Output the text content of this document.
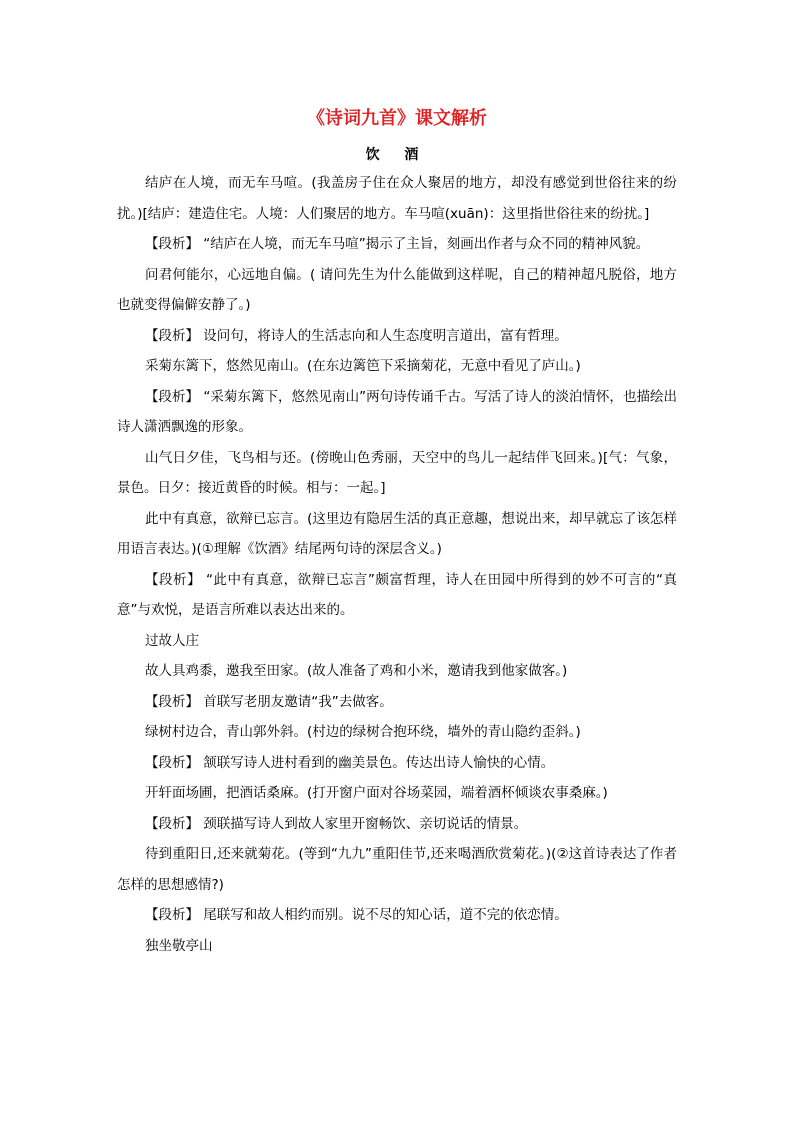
《诗词九首》课文解析
饮 酒

结庐在人境，而无车马喧。(我盖房子住在众人聚居的地方，却没有感觉到世俗往来的纷扰。)[结庐：建造住宅。人境：人们聚居的地方。车马喧(xuān)：这里指世俗往来的纷扰。]

【段析】 “结庐在人境，而无车马喧”揭示了主旨，刻画出作者与众不同的精神风貌。

问君何能尔，心远地自偏。( 请问先生为什么能做到这样呢，自己的精神超凡脱俗，地方也就变得偏僻安静了。)

【段析】 设问句，将诗人的生活志向和人生态度明言道出，富有哲理。

采菊东篱下，悠然见南山。(在东边篱笆下采摘菊花，无意中看见了庐山。)

【段析】 “采菊东篱下，悠然见南山”两句诗传诵千古。写活了诗人的淡泊情怀，也描绘出诗人潇洒飘逸的形象。

山气日夕佳，飞鸟相与还。(傍晚山色秀丽，天空中的鸟儿一起结伴飞回来。)[气：气象，景色。日夕：接近黄昏的时候。相与：一起。]

此中有真意，欲辩已忘言。(这里边有隐居生活的真正意趣，想说出来，却早就忘了该怎样用语言表达。)(①理解《饮酒》结尾两句诗的深层含义。)

【段析】 “此中有真意，欲辩已忘言”颇富哲理，诗人在田园中所得到的妙不可言的“真意”与欢悦，是语言所难以表达出来的。

过故人庄

故人具鸡黍，邀我至田家。(故人准备了鸡和小米，邀请我到他家做客。)

【段析】 首联写老朋友邀请“我”去做客。

绿树村边合，青山郭外斜。(村边的绿树合抱环绕，墙外的青山隐约歪斜。)

【段析】 颔联写诗人进村看到的幽美景色。传达出诗人愉快的心情。

开轩面场圃，把酒话桑麻。(打开窗户面对谷场菜园，端着酒杯倾谈农事桑麻。)

【段析】 颈联描写诗人到故人家里开窗畅饮、亲切说话的情景。

待到重阳日,还来就菊花。(等到“九九”重阳佳节,还来喝酒欣赏菊花。)(②这首诗表达了作者怎样的思想感情?)

【段析】 尾联写和故人相约而别。说不尽的知心话，道不完的依恋情。

独坐敬亭山
